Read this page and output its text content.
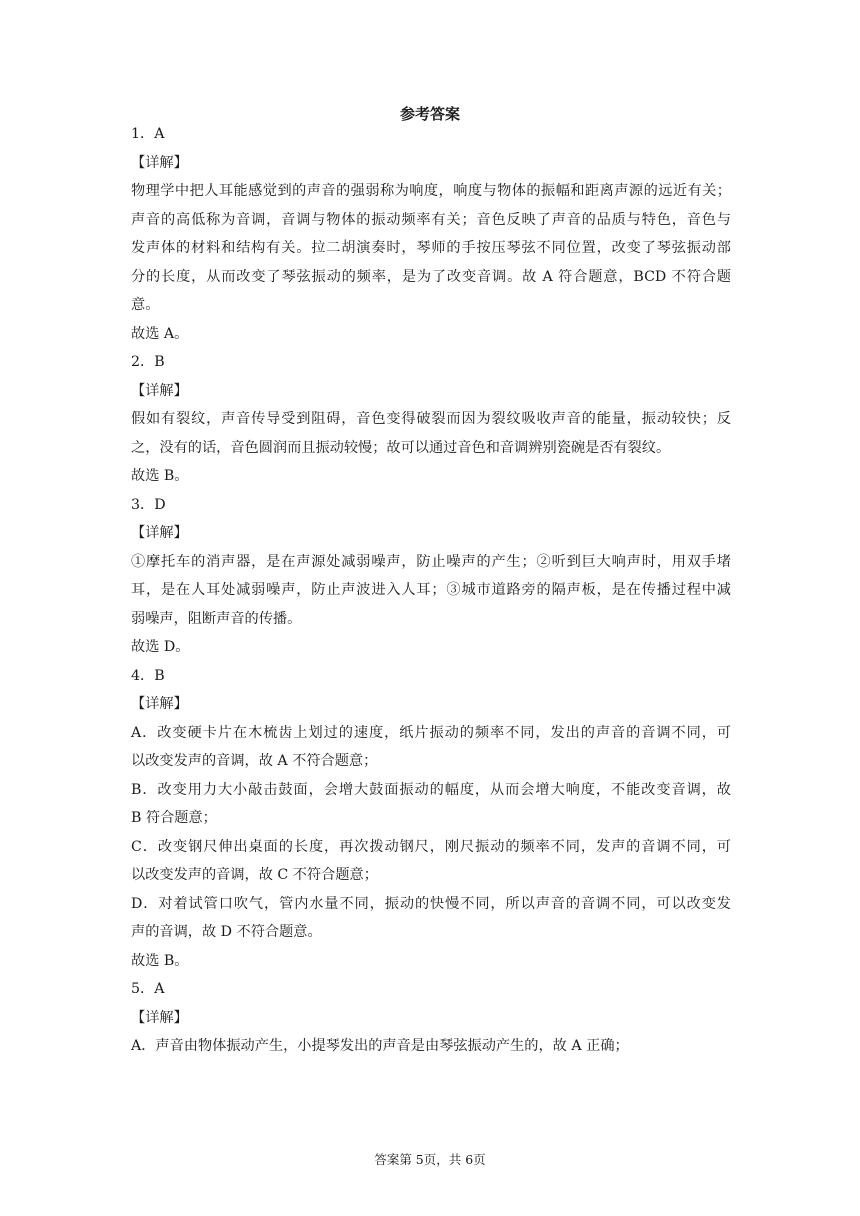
参考答案
1．A
【详解】
物理学中把人耳能感觉到的声音的强弱称为响度，响度与物体的振幅和距离声源的远近有关；
声音的高低称为音调，音调与物体的振动频率有关；音色反映了声音的品质与特色，音色与
发声体的材料和结构有关。拉二胡演奏时，琴师的手按压琴弦不同位置，改变了琴弦振动部
分的长度，从而改变了琴弦振动的频率，是为了改变音调。故 A 符合题意，BCD 不符合题
意。
故选 A。
2．B
【详解】
假如有裂纹，声音传导受到阻碍，音色变得破裂而因为裂纹吸收声音的能量，振动较快；反
之，没有的话，音色圆润而且振动较慢；故可以通过音色和音调辨别瓷碗是否有裂纹。
故选 B。
3．D
【详解】
①摩托车的消声器，是在声源处减弱噪声，防止噪声的产生；②听到巨大响声时，用双手堵
耳，是在人耳处减弱噪声，防止声波进入人耳；③城市道路旁的隔声板，是在传播过程中减
弱噪声，阻断声音的传播。
故选 D。
4．B
【详解】
A．改变硬卡片在木梳齿上划过的速度，纸片振动的频率不同，发出的声音的音调不同，可
以改变发声的音调，故 A 不符合题意；
B．改变用力大小敲击鼓面，会增大鼓面振动的幅度，从而会增大响度，不能改变音调，故
B 符合题意；
C．改变钢尺伸出桌面的长度，再次拨动钢尺，刚尺振动的频率不同，发声的音调不同，可
以改变发声的音调，故 C 不符合题意；
D．对着试管口吹气，管内水量不同，振动的快慢不同，所以声音的音调不同，可以改变发
声的音调，故 D 不符合题意。
故选 B。
5．A
【详解】
A．声音由物体振动产生，小提琴发出的声音是由琴弦振动产生的，故 A 正确；
答案第 5页，共 6页
